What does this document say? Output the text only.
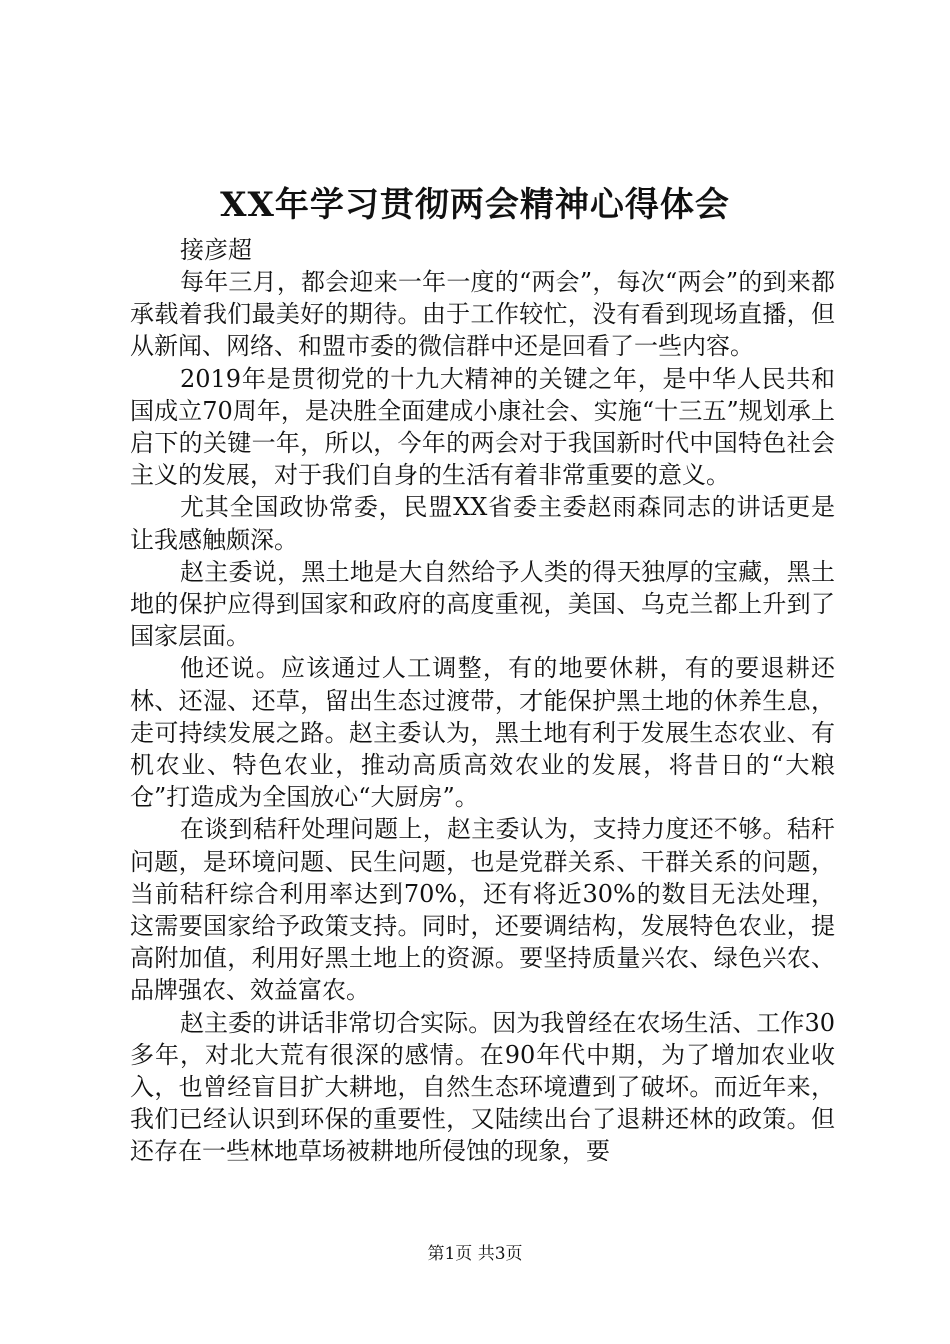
XX年学习贯彻两会精神心得体会

接彦超

每年三月，都会迎来一年一度的“两会”，每次“两会”的到来都承载着我们最美好的期待。由于工作较忙，没有看到现场直播，但从新闻、网络、和盟市委的微信群中还是回看了一些内容。

2019年是贯彻党的十九大精神的关键之年，是中华人民共和国成立70周年，是决胜全面建成小康社会、实施“十三五”规划承上启下的关键一年，所以，今年的两会对于我国新时代中国特色社会主义的发展，对于我们自身的生活有着非常重要的意义。

尤其全国政协常委，民盟XX省委主委赵雨森同志的讲话更是让我感触颇深。

赵主委说，黑土地是大自然给予人类的得天独厚的宝藏，黑土地的保护应得到国家和政府的高度重视，美国、乌克兰都上升到了国家层面。

他还说。应该通过人工调整，有的地要休耕，有的要退耕还林、还湿、还草，留出生态过渡带，才能保护黑土地的休养生息，走可持续发展之路。赵主委认为，黑土地有利于发展生态农业、有机农业、特色农业，推动高质高效农业的发展，将昔日的“大粮仓”打造成为全国放心“大厨房”。

在谈到秸秆处理问题上，赵主委认为，支持力度还不够。秸秆问题，是环境问题、民生问题，也是党群关系、干群关系的问题，当前秸秆综合利用率达到70%，还有将近30%的数目无法处理，这需要国家给予政策支持。同时，还要调结构，发展特色农业，提高附加值，利用好黑土地上的资源。要坚持质量兴农、绿色兴农、品牌强农、效益富农。

赵主委的讲话非常切合实际。因为我曾经在农场生活、工作30多年，对北大荒有很深的感情。在90年代中期，为了增加农业收入，也曾经盲目扩大耕地，自然生态环境遭到了破坏。而近年来，我们已经认识到环保的重要性，又陆续出台了退耕还林的政策。但还存在一些林地草场被耕地所侵蚀的现象，要

第1页 共3页
